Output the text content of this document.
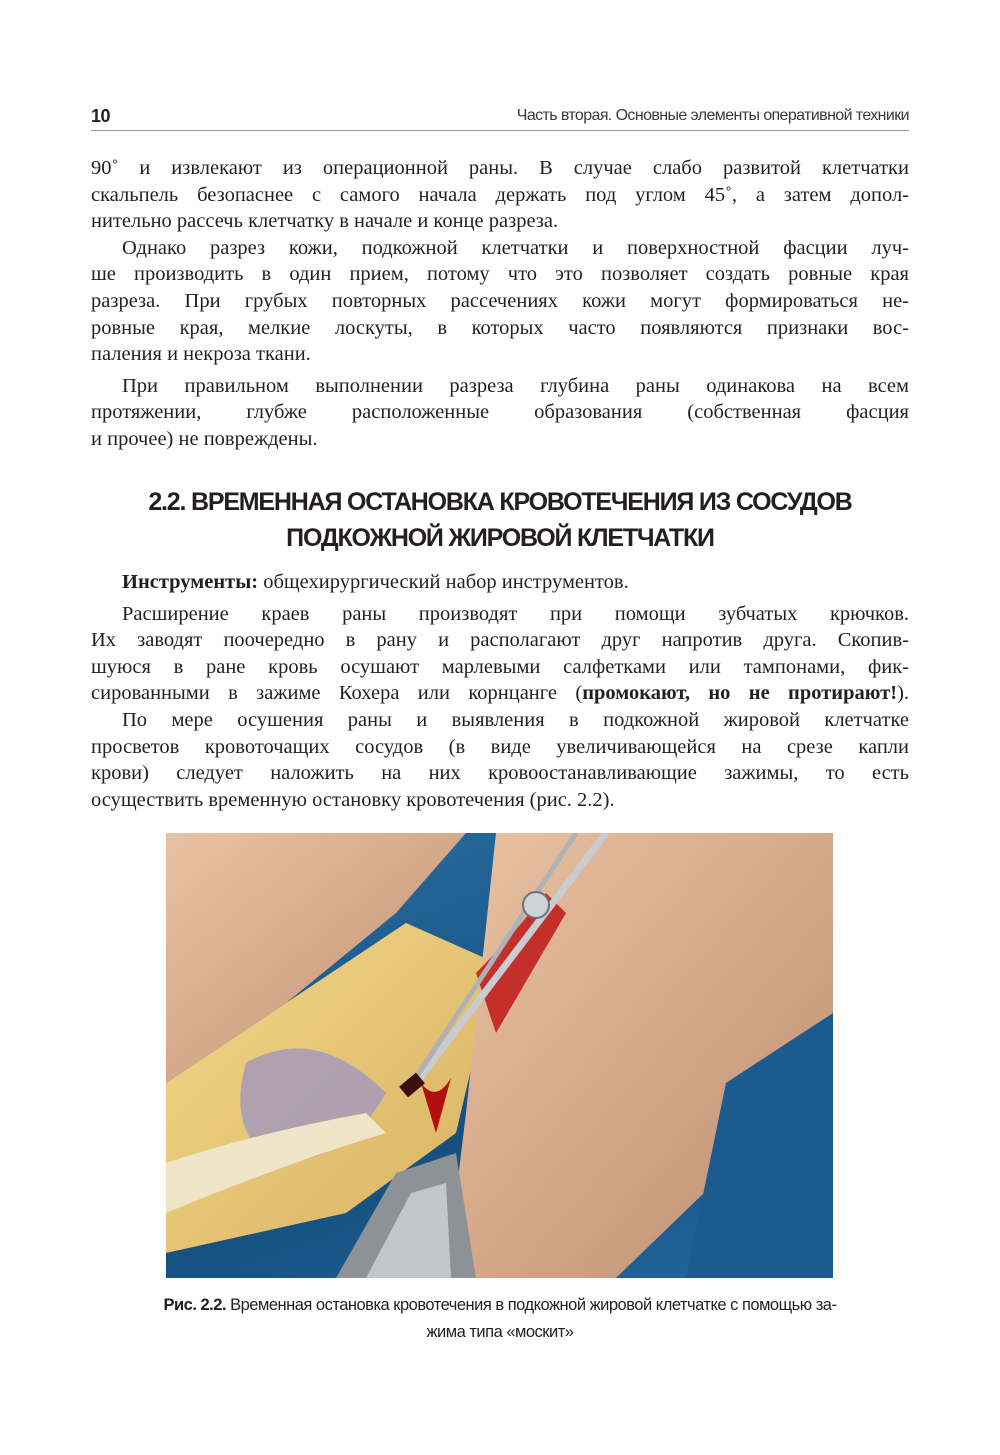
10	Часть вторая. Основные элементы оперативной техники
90˚ и извлекают из операционной раны. В случае слабо развитой клетчатки
скальпель безопаснее с самого начала держать под углом 45˚, а затем допол-
нительно рассечь клетчатку в начале и конце разреза.
Однако разрез кожи, подкожной клетчатки и поверхностной фасции луч-
ше производить в один прием, потому что это позволяет создать ровные края
разреза. При грубых повторных рассечениях кожи могут формироваться не-
ровные края, мелкие лоскуты, в которых часто появляются признаки вос-
паления и некроза ткани.
При правильном выполнении разреза глубина раны одинакова на всем
протяжении, глубже расположенные образования (собственная фасция
и прочее) не повреждены.
2.2. ВРЕМЕННАЯ ОСТАНОВКА КРОВОТЕЧЕНИЯ ИЗ СОСУДОВ
ПОДКОЖНОЙ ЖИРОВОЙ КЛЕТЧАТКИ
Инструменты: общехирургический набор инструментов.
Расширение краев раны производят при помощи зубчатых крючков.
Их заводят поочередно в рану и располагают друг напротив друга. Скопив-
шуюся в ране кровь осушают марлевыми салфетками или тампонами, фик-
сированными в зажиме Кохера или корнцанге (промокают, но не протирают!).
По мере осушения раны и выявления в подкожной жировой клетчатке
просветов кровоточащих сосудов (в виде увеличивающейся на срезе капли
крови) следует наложить на них кровоостанавливающие зажимы, то есть
осуществить временную остановку кровотечения (рис. 2.2).
Рис. 2.2. Временная остановка кровотечения в подкожной жировой клетчатке с помощью за-
жима типа «москит»
